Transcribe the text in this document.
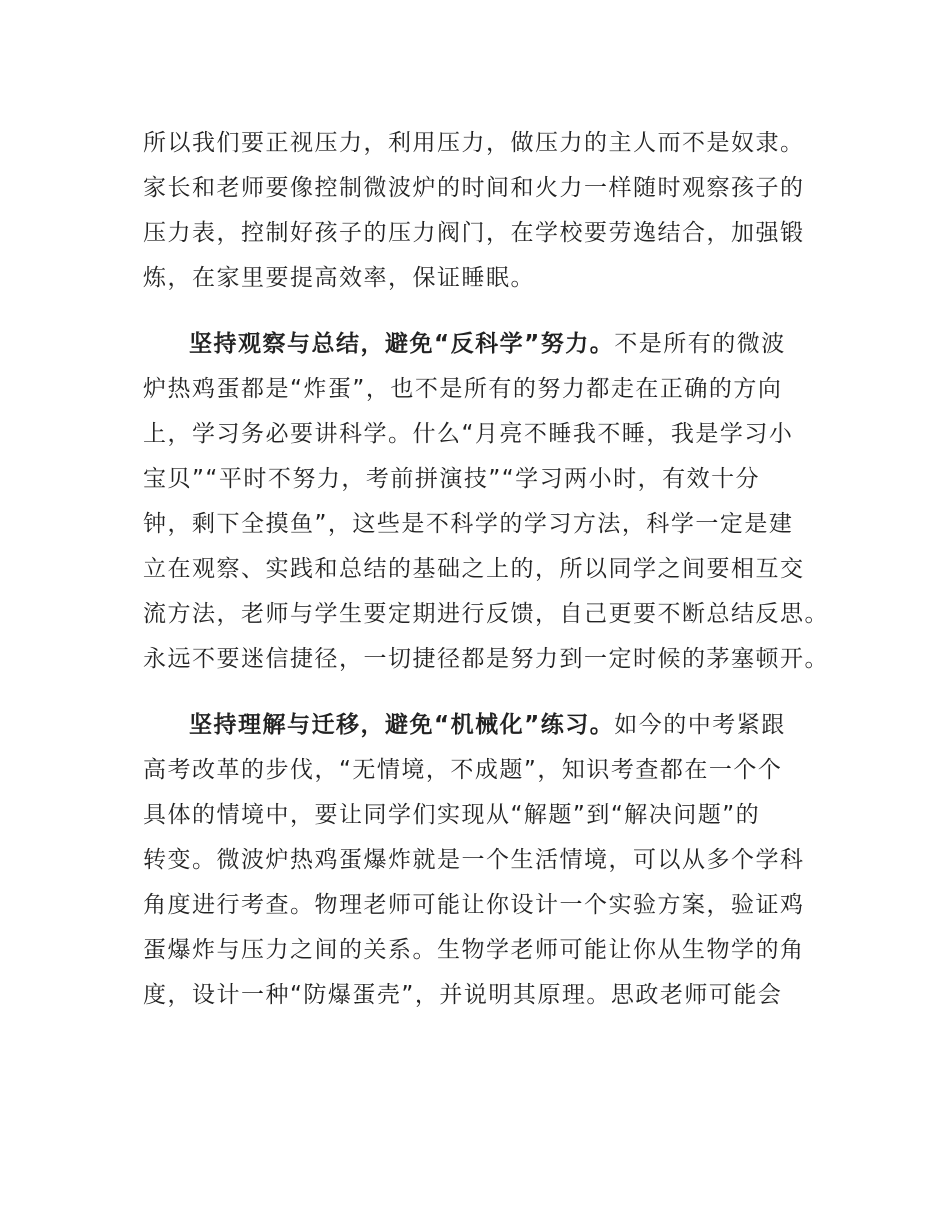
所以我们要正视压力，利用压力，做压力的主人而不是奴隶。
家长和老师要像控制微波炉的时间和火力一样随时观察孩子的
压力表，控制好孩子的压力阀门，在学校要劳逸结合，加强锻
炼，在家里要提高效率，保证睡眠。
坚持观察与总结，避免“反科学”努力。不是所有的微波
炉热鸡蛋都是“炸蛋”，也不是所有的努力都走在正确的方向
上，学习务必要讲科学。什么“月亮不睡我不睡，我是学习小
宝贝”“平时不努力，考前拼演技”“学习两小时，有效十分
钟，剩下全摸鱼”，这些是不科学的学习方法，科学一定是建
立在观察、实践和总结的基础之上的，所以同学之间要相互交
流方法，老师与学生要定期进行反馈，自己更要不断总结反思。
永远不要迷信捷径，一切捷径都是努力到一定时候的茅塞顿开。
坚持理解与迁移，避免“机械化”练习。如今的中考紧跟
高考改革的步伐，“无情境，不成题”，知识考查都在一个个
具体的情境中，要让同学们实现从“解题”到“解决问题”的
转变。微波炉热鸡蛋爆炸就是一个生活情境，可以从多个学科
角度进行考查。物理老师可能让你设计一个实验方案，验证鸡
蛋爆炸与压力之间的关系。生物学老师可能让你从生物学的角
度，设计一种“防爆蛋壳”，并说明其原理。思政老师可能会
